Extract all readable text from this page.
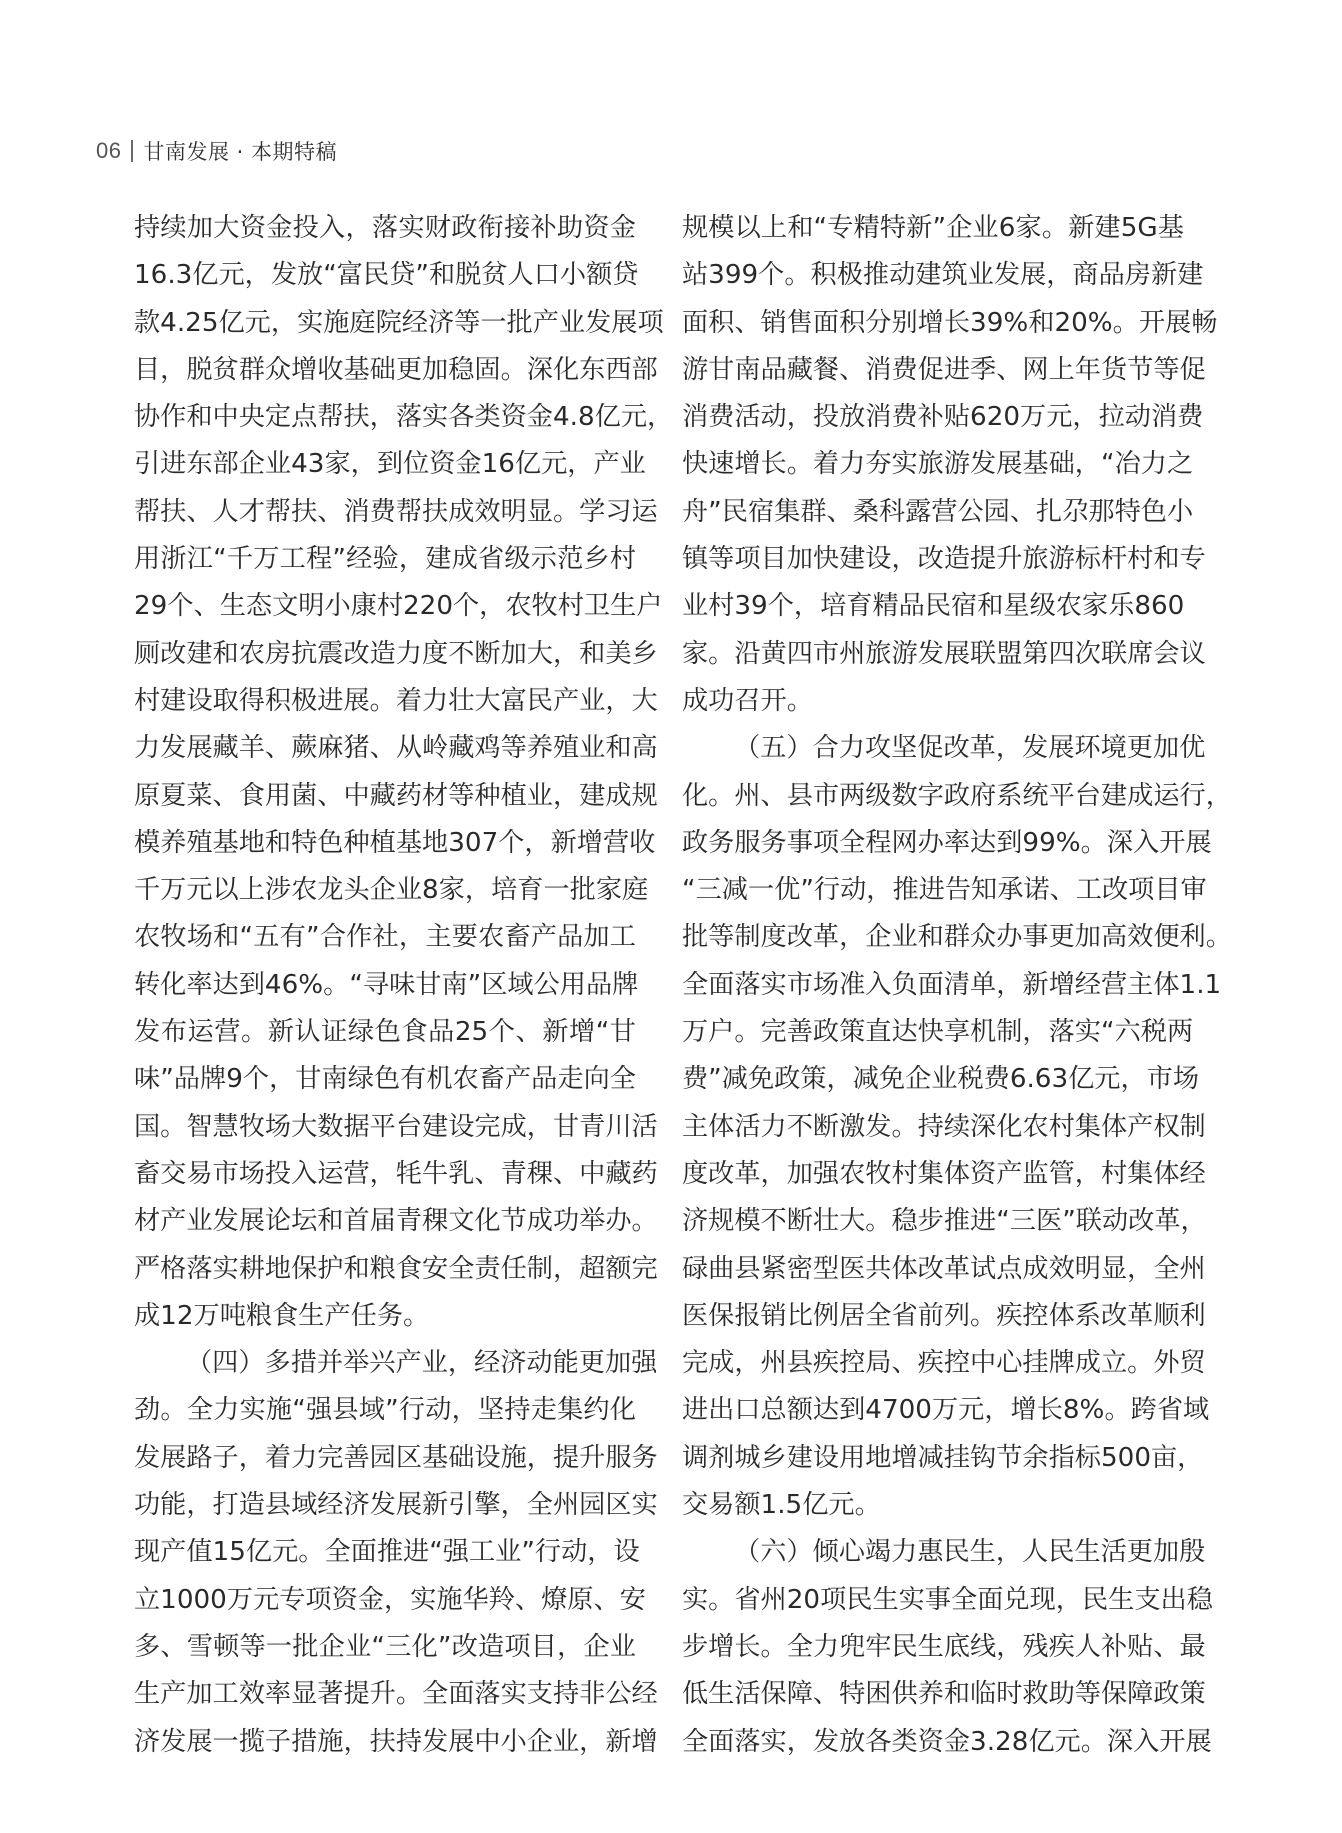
06 甘南发展 · 本期特稿
持续加大资金投入，落实财政衔接补助资金
16.3亿元，发放“富民贷”和脱贫人口小额贷
款4.25亿元，实施庭院经济等一批产业发展项
目，脱贫群众增收基础更加稳固。深化东西部
协作和中央定点帮扶，落实各类资金4.8亿元，
引进东部企业43家，到位资金16亿元，产业
帮扶、人才帮扶、消费帮扶成效明显。学习运
用浙江“千万工程”经验，建成省级示范乡村
29个、生态文明小康村220个，农牧村卫生户
厕改建和农房抗震改造力度不断加大，和美乡
村建设取得积极进展。着力壮大富民产业，大
力发展藏羊、蕨麻猪、从岭藏鸡等养殖业和高
原夏菜、食用菌、中藏药材等种植业，建成规
模养殖基地和特色种植基地307个，新增营收
千万元以上涉农龙头企业8家，培育一批家庭
农牧场和“五有”合作社，主要农畜产品加工
转化率达到46%。“寻味甘南”区域公用品牌
发布运营。新认证绿色食品25个、新增“甘
味”品牌9个，甘南绿色有机农畜产品走向全
国。智慧牧场大数据平台建设完成，甘青川活
畜交易市场投入运营，牦牛乳、青稞、中藏药
材产业发展论坛和首届青稞文化节成功举办。
严格落实耕地保护和粮食安全责任制，超额完
成12万吨粮食生产任务。
（四）多措并举兴产业，经济动能更加强
劲。全力实施“强县域”行动，坚持走集约化
发展路子，着力完善园区基础设施，提升服务
功能，打造县域经济发展新引擎，全州园区实
现产值15亿元。全面推进“强工业”行动，设
立1000万元专项资金，实施华羚、燎原、安
多、雪顿等一批企业“三化”改造项目，企业
生产加工效率显著提升。全面落实支持非公经
济发展一揽子措施，扶持发展中小企业，新增
规模以上和“专精特新”企业6家。新建5G基
站399个。积极推动建筑业发展，商品房新建
面积、销售面积分别增长39%和20%。开展畅
游甘南品藏餐、消费促进季、网上年货节等促
消费活动，投放消费补贴620万元，拉动消费
快速增长。着力夯实旅游发展基础，“冶力之
舟”民宿集群、桑科露营公园、扎尕那特色小
镇等项目加快建设，改造提升旅游标杆村和专
业村39个，培育精品民宿和星级农家乐860
家。沿黄四市州旅游发展联盟第四次联席会议
成功召开。
（五）合力攻坚促改革，发展环境更加优
化。州、县市两级数字政府系统平台建成运行，
政务服务事项全程网办率达到99%。深入开展
“三减一优”行动，推进告知承诺、工改项目审
批等制度改革，企业和群众办事更加高效便利。
全面落实市场准入负面清单，新增经营主体1.1
万户。完善政策直达快享机制，落实“六税两
费”减免政策，减免企业税费6.63亿元，市场
主体活力不断激发。持续深化农村集体产权制
度改革，加强农牧村集体资产监管，村集体经
济规模不断壮大。稳步推进“三医”联动改革，
碌曲县紧密型医共体改革试点成效明显，全州
医保报销比例居全省前列。疾控体系改革顺利
完成，州县疾控局、疾控中心挂牌成立。外贸
进出口总额达到4700万元，增长8%。跨省域
调剂城乡建设用地增减挂钩节余指标500亩，
交易额1.5亿元。
（六）倾心竭力惠民生，人民生活更加殷
实。省州20项民生实事全面兑现，民生支出稳
步增长。全力兜牢民生底线，残疾人补贴、最
低生活保障、特困供养和临时救助等保障政策
全面落实，发放各类资金3.28亿元。深入开展
